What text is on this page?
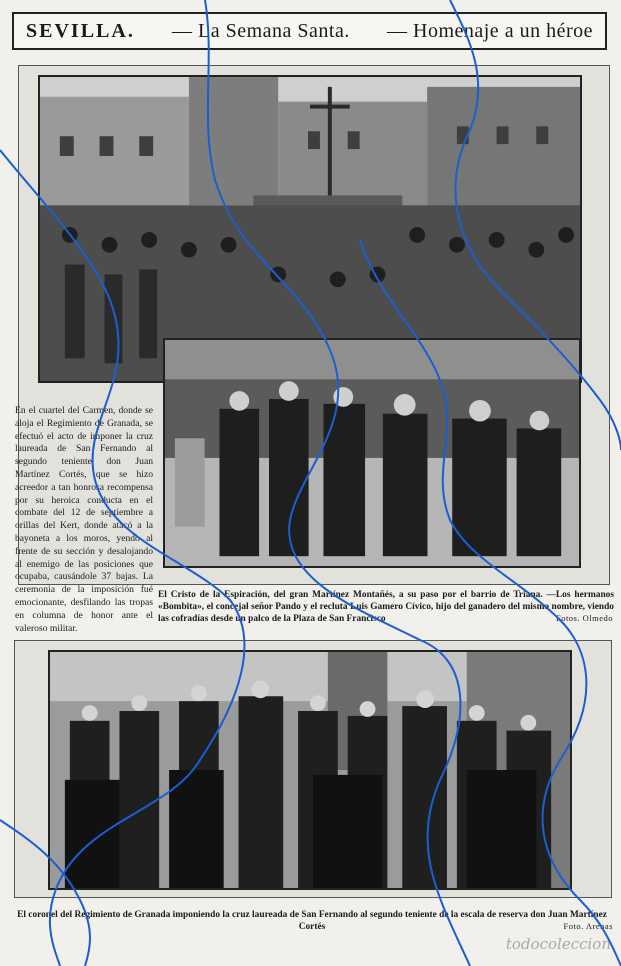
SEVILLA. — La Semana Santa. — Homenaje a un héroe
En el cuartel del Carmen, donde se aloja el Regimiento de Granada, se efectuó el acto de imponer la cruz laureada de San Fernando al segundo teniente don Juan Martínez Cortés, que se hizo acreedor a tan honrosa recompensa por su heroica conducta en el combate del 12 de septiembre a orillas del Kert, donde atacó a la bayoneta a los moros, yendo al frente de su sección y desalojando al enemigo de las posiciones que ocupaba, causándole 37 bajas. La ceremonia de la imposición fué emocionante, desfilando las tropas en columna de honor ante el valeroso militar.
El Cristo de la Espiración, del gran Martínez Montañés, a su paso por el barrio de Triana. —Los hermanos «Bombita», el concejal señor Pando y el recluta Luis Gamero Cívico, hijo del ganadero del mismo nombre, viendo las cofradías desde un palco de la Plaza de San Francisco	Fotos. Olmedo
El coronel del Regimiento de Granada imponiendo la cruz laureada de San Fernando al segundo teniente de la escala de reserva don Juan Martínez Cortés	Foto. Arenas
todocoleccion
